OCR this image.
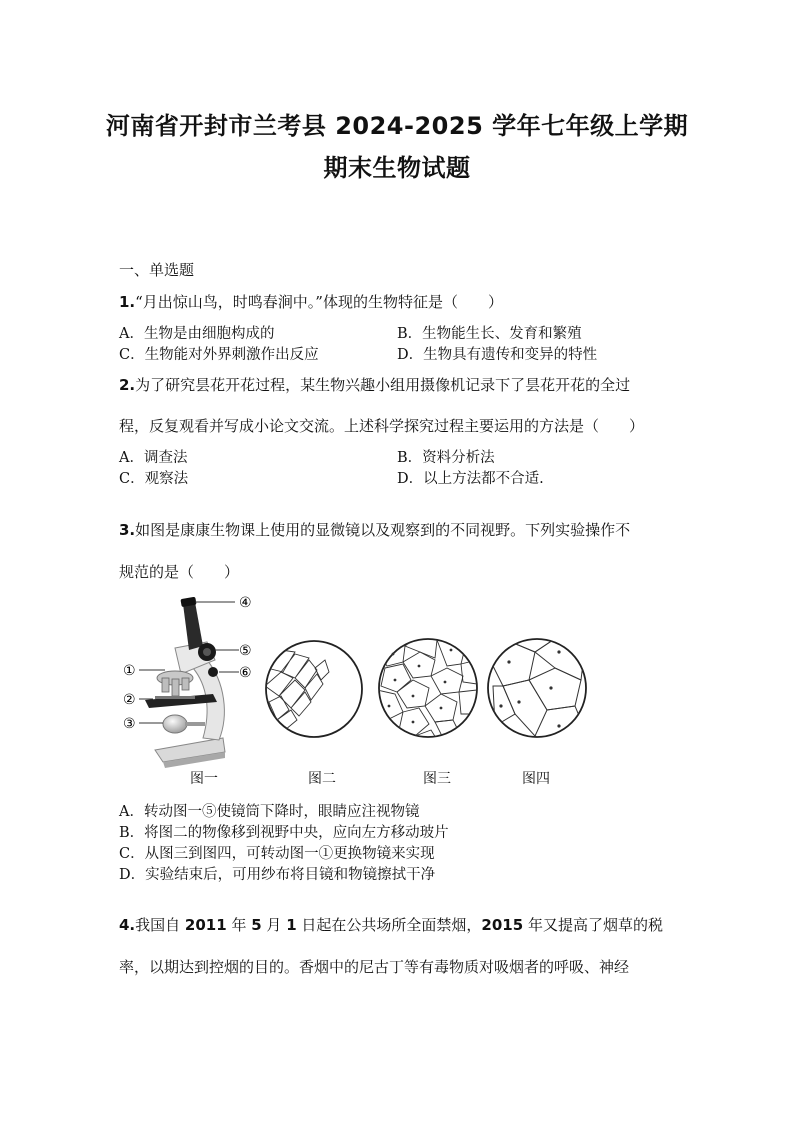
河南省开封市兰考县 2024-2025 学年七年级上学期
期末生物试题
一、单选题
1.“月出惊山鸟，时鸣春涧中。”体现的生物特征是（　　）
A．生物是由细胞构成的	B．生物能生长、发育和繁殖
C．生物能对外界刺激作出反应	D．生物具有遗传和变异的特性
2.为了研究昙花开花过程，某生物兴趣小组用摄像机记录下了昙花开花的全过
程，反复观看并写成小论文交流。上述科学探究过程主要运用的方法是（　　）
A．调查法	B．资料分析法
C．观察法	D．以上方法都不合适.
3.如图是康康生物课上使用的显微镜以及观察到的不同视野。下列实验操作不
规范的是（　　）
④
⑤
⑥
①
②
③
图一	图二	图三	图四
A．转动图一⑤使镜筒下降时，眼睛应注视物镜
B．将图二的物像移到视野中央，应向左方移动玻片
C．从图三到图四，可转动图一①更换物镜来实现
D．实验结束后，可用纱布将目镜和物镜擦拭干净
4.我国自 2011 年 5 月 1 日起在公共场所全面禁烟，2015 年又提高了烟草的税
率，以期达到控烟的目的。香烟中的尼古丁等有毒物质对吸烟者的呼吸、神经
